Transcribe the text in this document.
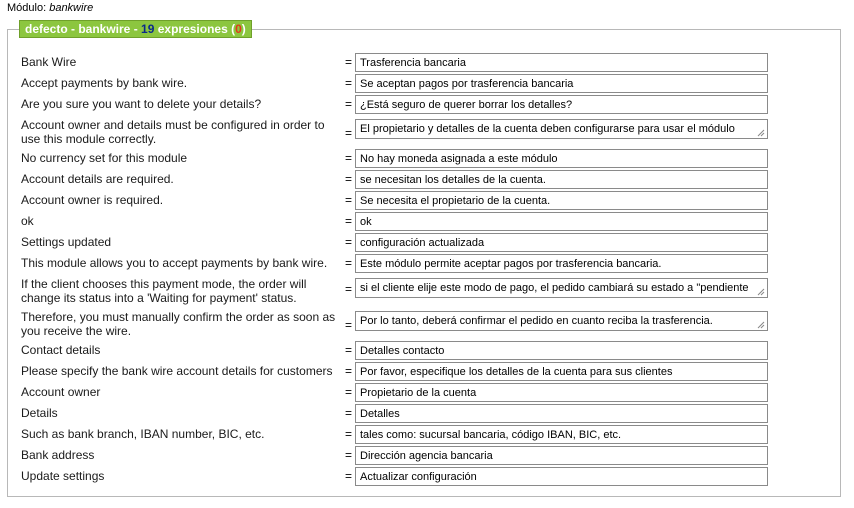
Módulo: bankwire
defecto - bankwire - 19 expresiones (0)
Bank Wire	=
Trasferencia bancaria
Accept payments by bank wire.	=
Se aceptan pagos por trasferencia bancaria
Are you sure you want to delete your details?	=
¿Está seguro de querer borrar los detalles?
Account owner and details must be configured in order to use this module correctly.	=
El propietario y detalles de la cuenta deben configurarse para usar el módulo
No currency set for this module	=
No hay moneda asignada a este módulo
Account details are required.	=
se necesitan los detalles de la cuenta.
Account owner is required.	=
Se necesita el propietario de la cuenta.
ok	=
ok
Settings updated	=
configuración actualizada
This module allows you to accept payments by bank wire.	=
Este módulo permite aceptar pagos por trasferencia bancaria.
If the client chooses this payment mode, the order will change its status into a 'Waiting for payment' status.
=
si el cliente elije este modo de pago, el pedido cambiará su estado a "pendiente
Therefore, you must manually confirm the order as soon as you receive the wire.	=
Por lo tanto, deberá confirmar el pedido en cuanto reciba la trasferencia.
Contact details	=
Detalles contacto
Please specify the bank wire account details for customers	=
Por favor, especifique los detalles de la cuenta para sus clientes
Account owner	=
Propietario de la cuenta
Details	=
Detalles
Such as bank branch, IBAN number, BIC, etc.	=
tales como: sucursal bancaria, código IBAN, BIC, etc.
Bank address	=
Dirección agencia bancaria
Update settings	=
Actualizar configuración
